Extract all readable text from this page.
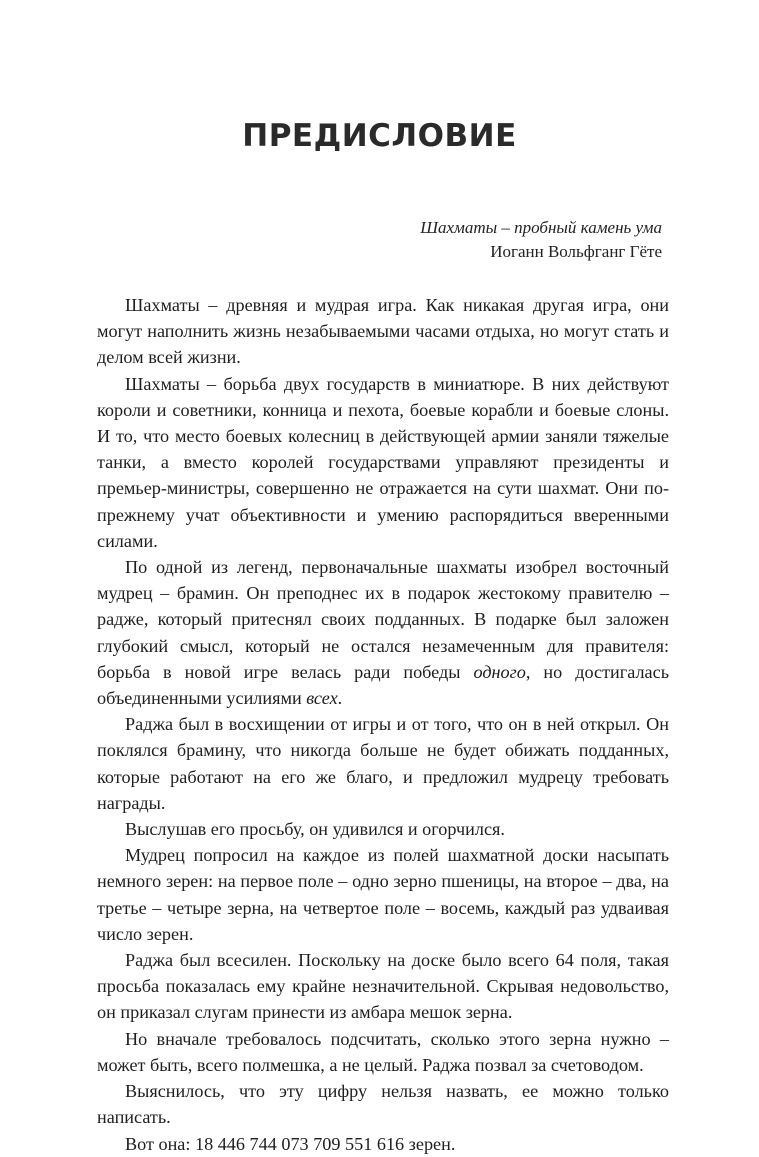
ПРЕДИСЛОВИЕ
Шахматы – пробный камень ума
Иоганн Вольфганг Гёте

Шахматы – древняя и мудрая игра. Как никакая другая игра, они могут наполнить жизнь незабываемыми часами отдыха, но могут стать и делом всей жизни.

Шахматы – борьба двух государств в миниатюре. В них действуют короли и советники, конница и пехота, боевые корабли и боевые слоны. И то, что место боевых колесниц в действующей армии заняли тяжелые танки, а вместо королей государствами управляют президенты и премьер-министры, совершенно не отражается на сути шахмат. Они по-прежнему учат объективности и умению распорядиться вверенными силами.

По одной из легенд, первоначальные шахматы изобрел восточный мудрец – брамин. Он преподнес их в подарок жестокому правителю – радже, который притеснял своих подданных. В подарке был заложен глубокий смысл, который не остался незамеченным для правителя: борьба в новой игре велась ради победы одного, но достигалась объединенными усилиями всех.

Раджа был в восхищении от игры и от того, что он в ней открыл. Он поклялся брамину, что никогда больше не будет обижать подданных, которые работают на его же благо, и предложил мудрецу требовать награды.

Выслушав его просьбу, он удивился и огорчился.

Мудрец попросил на каждое из полей шахматной доски насыпать немного зерен: на первое поле – одно зерно пшеницы, на второе – два, на третье – четыре зерна, на четвертое поле – восемь, каждый раз удваивая число зерен.

Раджа был всесилен. Поскольку на доске было всего 64 поля, такая просьба показалась ему крайне незначительной. Скрывая недовольство, он приказал слугам принести из амбара мешок зерна.

Но вначале требовалось подсчитать, сколько этого зерна нужно – может быть, всего полмешка, а не целый. Раджа позвал за счетоводом.

Выяснилось, что эту цифру нельзя назвать, ее можно только написать.

Вот она: 18 446 744 073 709 551 616 зерен.
